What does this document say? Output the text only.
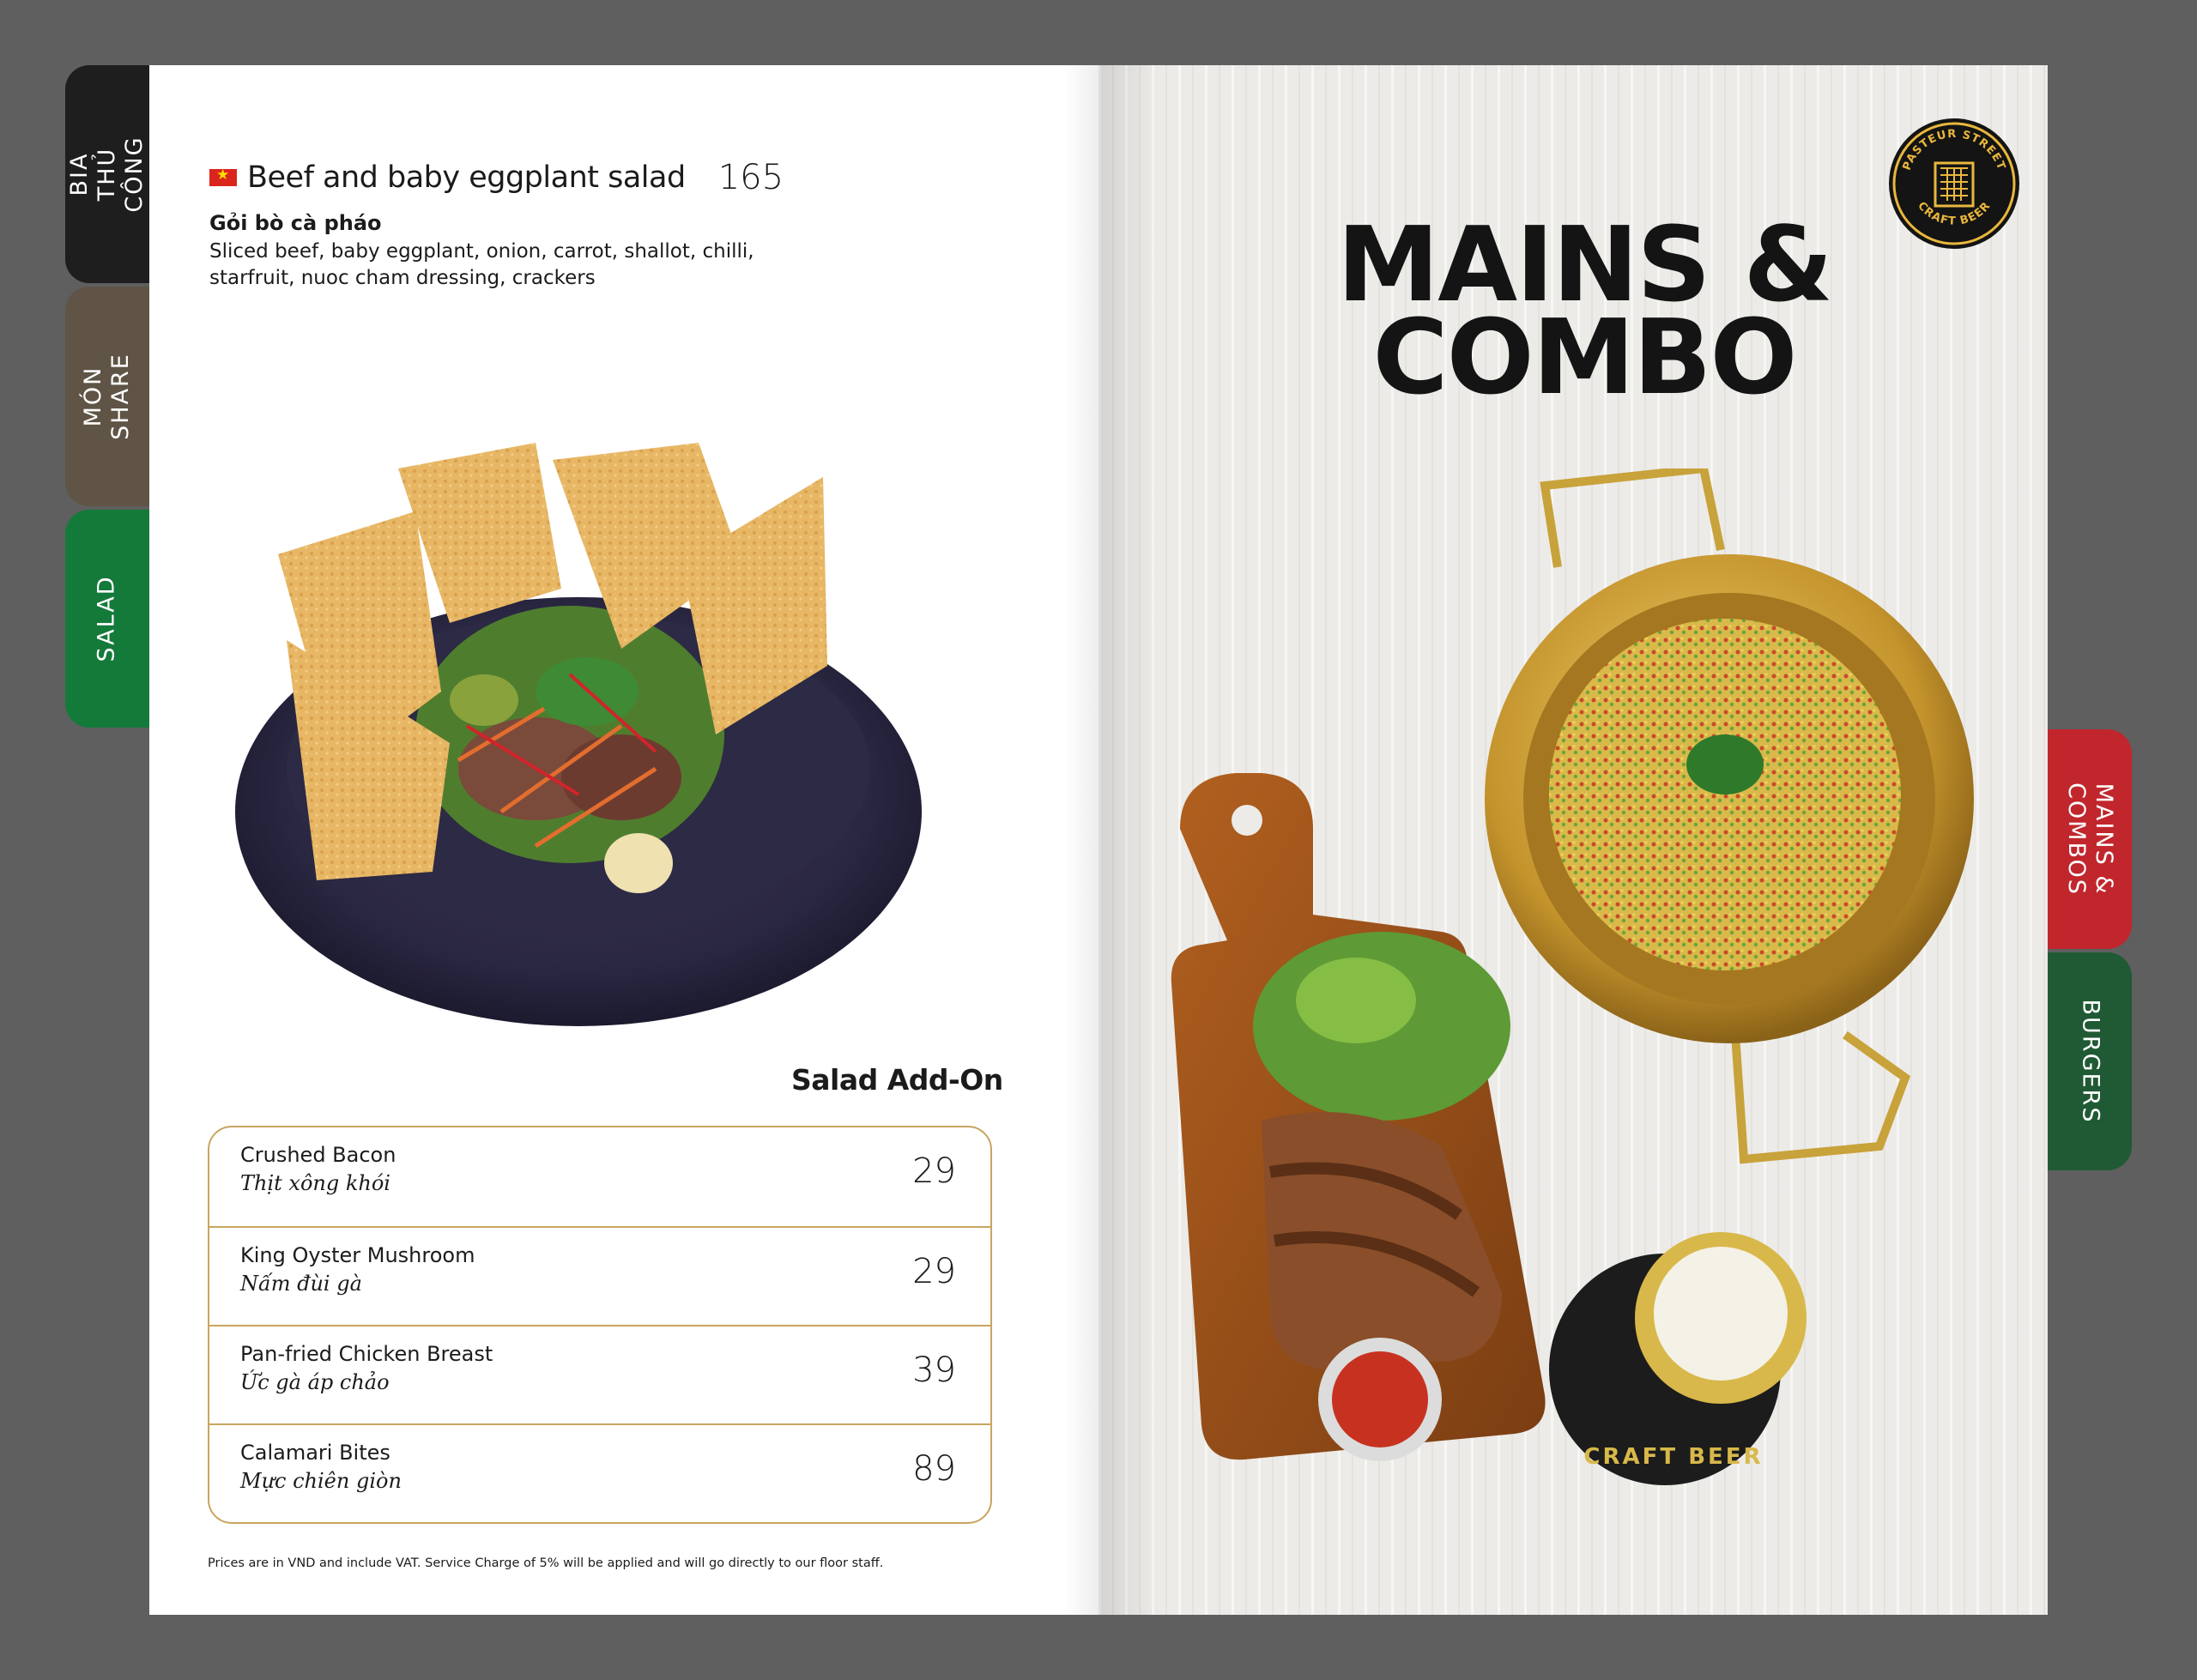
BIA
THỦ CÔNG
MÓN SHARE
SALAD
MAINS &
COMBOS
BURGERS
★
Beef and baby eggplant salad 165
Gỏi bò cà pháo
Sliced beef, baby eggplant, onion, carrot, shallot, chilli, starfruit, nuoc cham dressing, crackers
Salad Add-On
Crushed Bacon
Thịt xông khói	29
King Oyster Mushroom
Nấm đùi gà	29
Pan-fried Chicken Breast
Ức gà áp chảo	39
Calamari Bites
Mực chiên giòn	89
Prices are in VND and include VAT. Service Charge of 5% will be applied and will go directly to our floor staff.
PASTEUR STREET
CRAFT BEER
MAINS &
COMBO
CRAFT BEER
